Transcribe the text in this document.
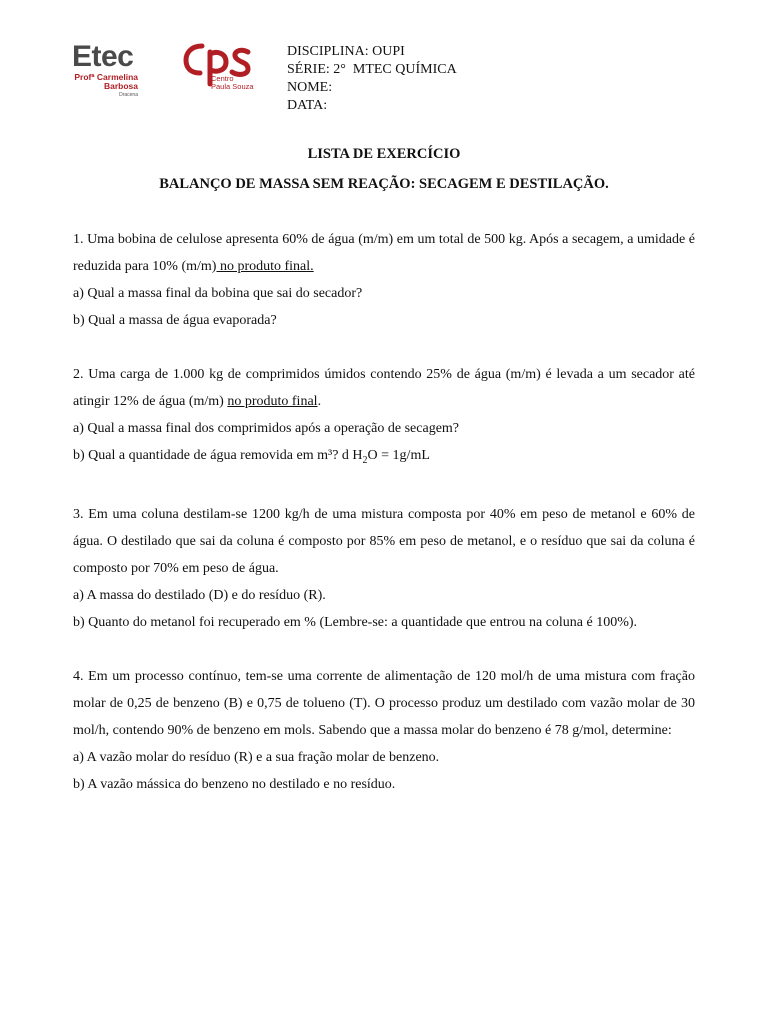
Etec
Profª Carmelina
Barbosa
Dracena
Centro
Paula Souza
DISCIPLINA: OUPI
SÉRIE: 2°  MTEC QUÍMICA
NOME:
DATA:
LISTA DE EXERCÍCIO
BALANÇO DE MASSA SEM REAÇÃO: SECAGEM E DESTILAÇÃO.

1. Uma bobina de celulose apresenta 60% de água (m/m) em um total de 500 kg. Após a secagem, a umidade é reduzida para 10% (m/m) no produto final.

a) Qual a massa final da bobina que sai do secador?

b) Qual a massa de água evaporada?

2. Uma carga de 1.000 kg de comprimidos úmidos contendo 25% de água (m/m) é levada a um secador até atingir 12% de água (m/m) no produto final.

a) Qual a massa final dos comprimidos após a operação de secagem?

b) Qual a quantidade de água removida em m³? d $H_2O = 1g/mL$

3. Em uma coluna destilam-se 1200 kg/h de uma mistura composta por 40% em peso de metanol e 60% de água. O destilado que sai da coluna é composto por 85% em peso de metanol, e o resíduo que sai da coluna é composto por 70% em peso de água.

a) A massa do destilado (D) e do resíduo (R).

b) Quanto do metanol foi recuperado em % (Lembre-se: a quantidade que entrou na coluna é 100%).

4. Em um processo contínuo, tem-se uma corrente de alimentação de 120 mol/h de uma mistura com fração molar de 0,25 de benzeno (B) e 0,75 de tolueno (T). O processo produz um destilado com vazão molar de 30 mol/h, contendo 90% de benzeno em mols. Sabendo que a massa molar do benzeno é 78 g/mol, determine:

a) A vazão molar do resíduo (R) e a sua fração molar de benzeno.

b) A vazão mássica do benzeno no destilado e no resíduo.
